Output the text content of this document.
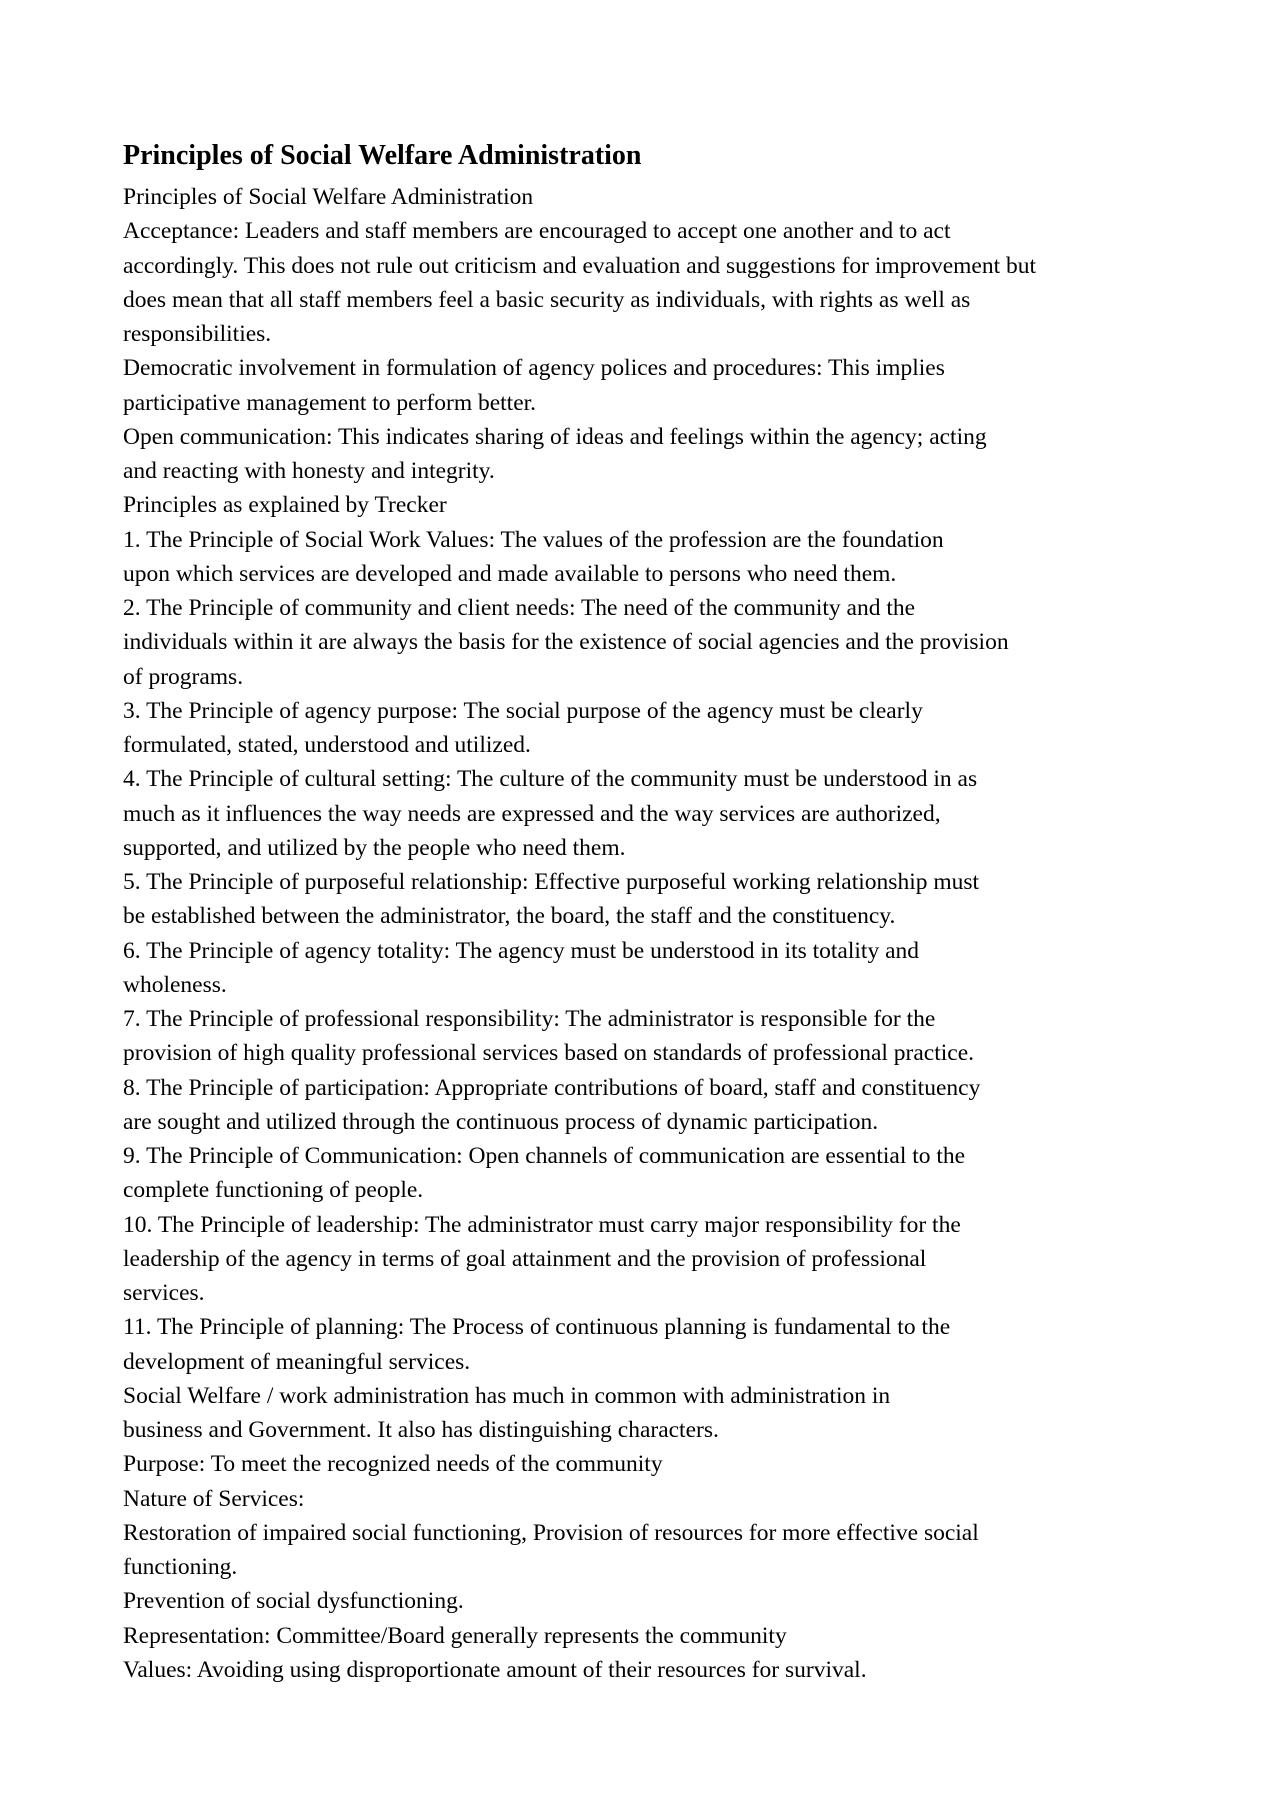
Principles of Social Welfare Administration
Principles of Social Welfare Administration
Acceptance: Leaders and staff members are encouraged to accept one another and to act
accordingly. This does not rule out criticism and evaluation and suggestions for improvement but
does mean that all staff members feel a basic security as individuals, with rights as well as
responsibilities.
Democratic involvement in formulation of agency polices and procedures: This implies
participative management to perform better.
Open communication: This indicates sharing of ideas and feelings within the agency; acting
and reacting with honesty and integrity.
Principles as explained by Trecker
1. The Principle of Social Work Values: The values of the profession are the foundation
upon which services are developed and made available to persons who need them.
2. The Principle of community and client needs: The need of the community and the
individuals within it are always the basis for the existence of social agencies and the provision
of programs.
3. The Principle of agency purpose: The social purpose of the agency must be clearly
formulated, stated, understood and utilized.
4. The Principle of cultural setting: The culture of the community must be understood in as
much as it influences the way needs are expressed and the way services are authorized,
supported, and utilized by the people who need them.
5. The Principle of purposeful relationship: Effective purposeful working relationship must
be established between the administrator, the board, the staff and the constituency.
6. The Principle of agency totality: The agency must be understood in its totality and
wholeness.
7. The Principle of professional responsibility: The administrator is responsible for the
provision of high quality professional services based on standards of professional practice.
8. The Principle of participation: Appropriate contributions of board, staff and constituency
are sought and utilized through the continuous process of dynamic participation.
9. The Principle of Communication: Open channels of communication are essential to the
complete functioning of people.
10. The Principle of leadership: The administrator must carry major responsibility for the
leadership of the agency in terms of goal attainment and the provision of professional
services.
11. The Principle of planning: The Process of continuous planning is fundamental to the
development of meaningful services.
Social Welfare / work administration has much in common with administration in
business and Government. It also has distinguishing characters.
Purpose: To meet the recognized needs of the community
Nature of Services:
Restoration of impaired social functioning, Provision of resources for more effective social
functioning.
Prevention of social dysfunctioning.
Representation: Committee/Board generally represents the community
Values: Avoiding using disproportionate amount of their resources for survival.
